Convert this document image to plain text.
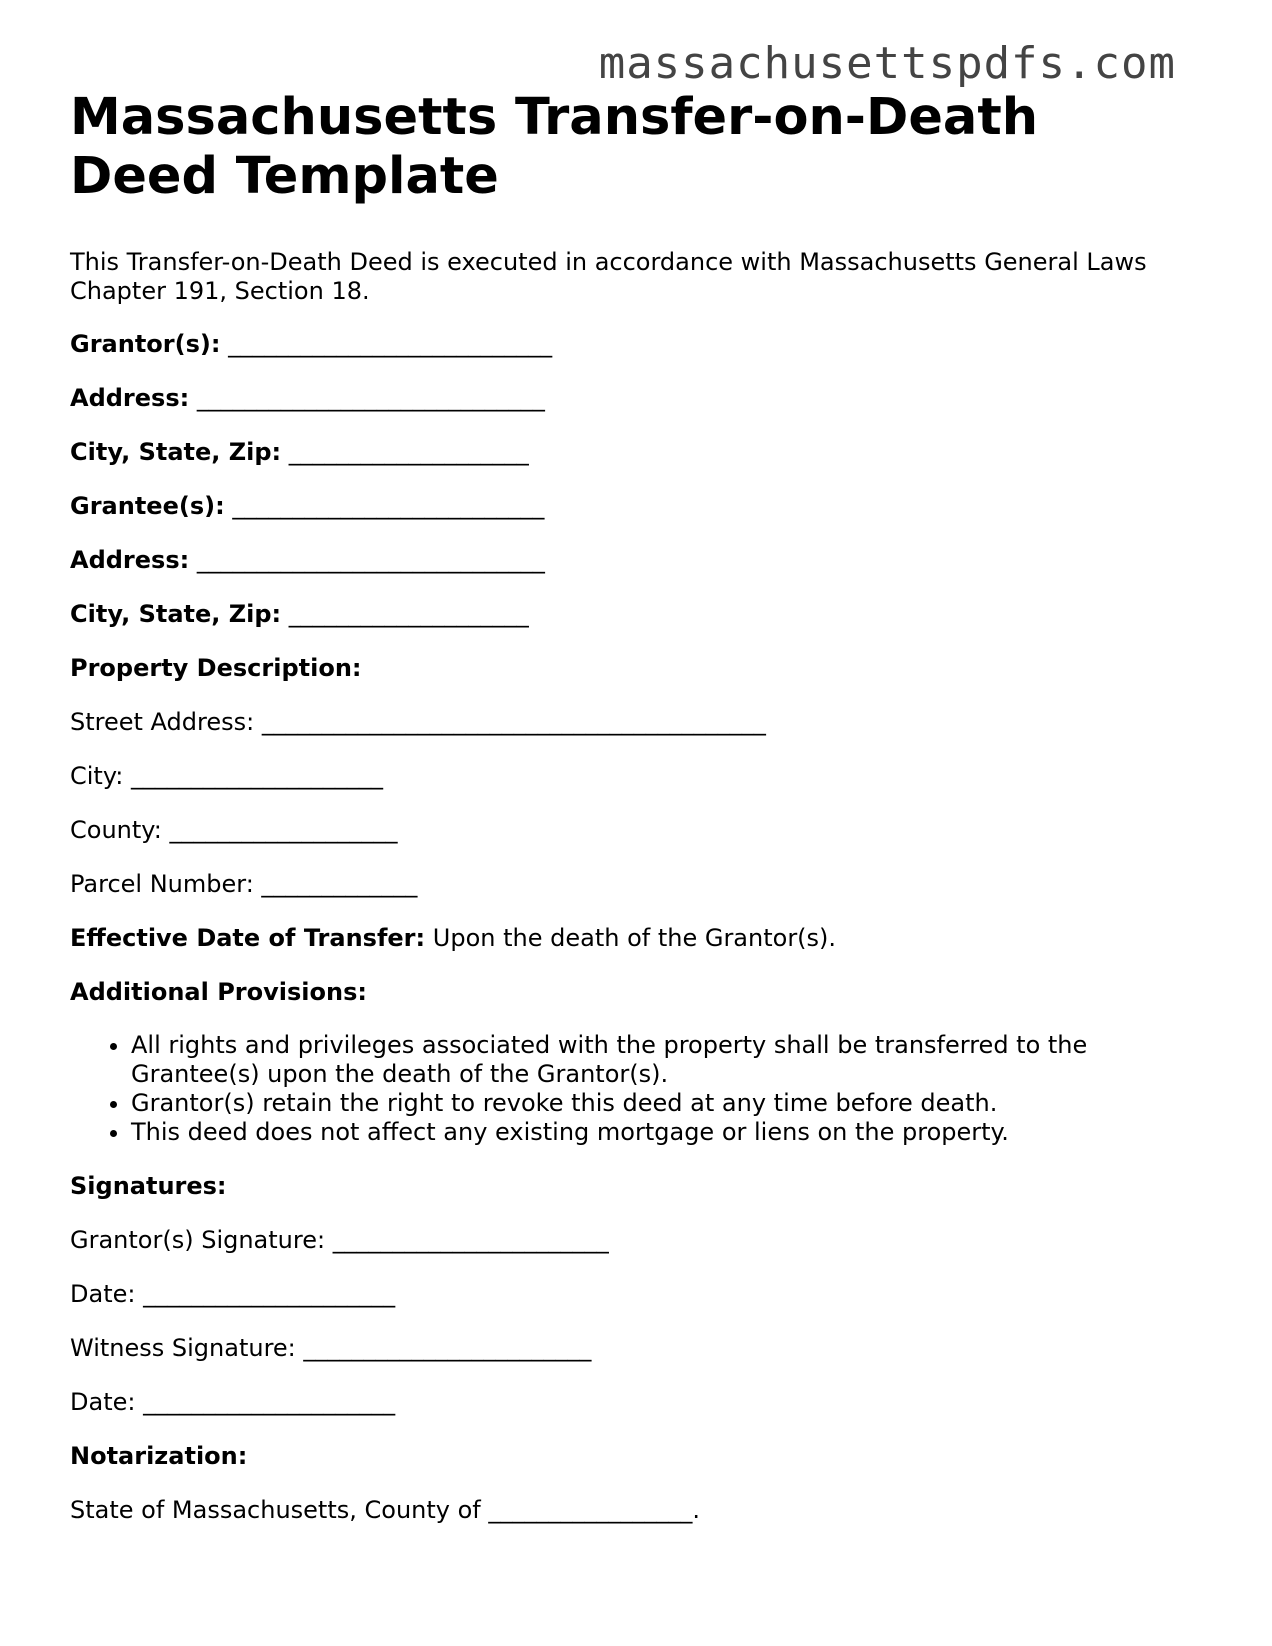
massachusettspdfs.com
Massachusetts Transfer-on-Death Deed Template

This Transfer-on-Death Deed is executed in accordance with Massachusetts General Laws Chapter 191, Section 18.

Grantor(s): ___________________________
Address: _____________________________
City, State, Zip: ____________________
Grantee(s): __________________________
Address: _____________________________
City, State, Zip: ____________________
Property Description:
Street Address: __________________________________________
City: _____________________
County: ___________________
Parcel Number: _____________
Effective Date of Transfer: Upon the death of the Grantor(s).
Additional Provisions:
• All rights and privileges associated with the property shall be transferred to the Grantee(s) upon the death of the Grantor(s).
• Grantor(s) retain the right to revoke this deed at any time before death.
• This deed does not affect any existing mortgage or liens on the property.
Signatures:
Grantor(s) Signature: _______________________
Date: _____________________
Witness Signature: ________________________
Date: _____________________
Notarization:
State of Massachusetts, County of _________________.
